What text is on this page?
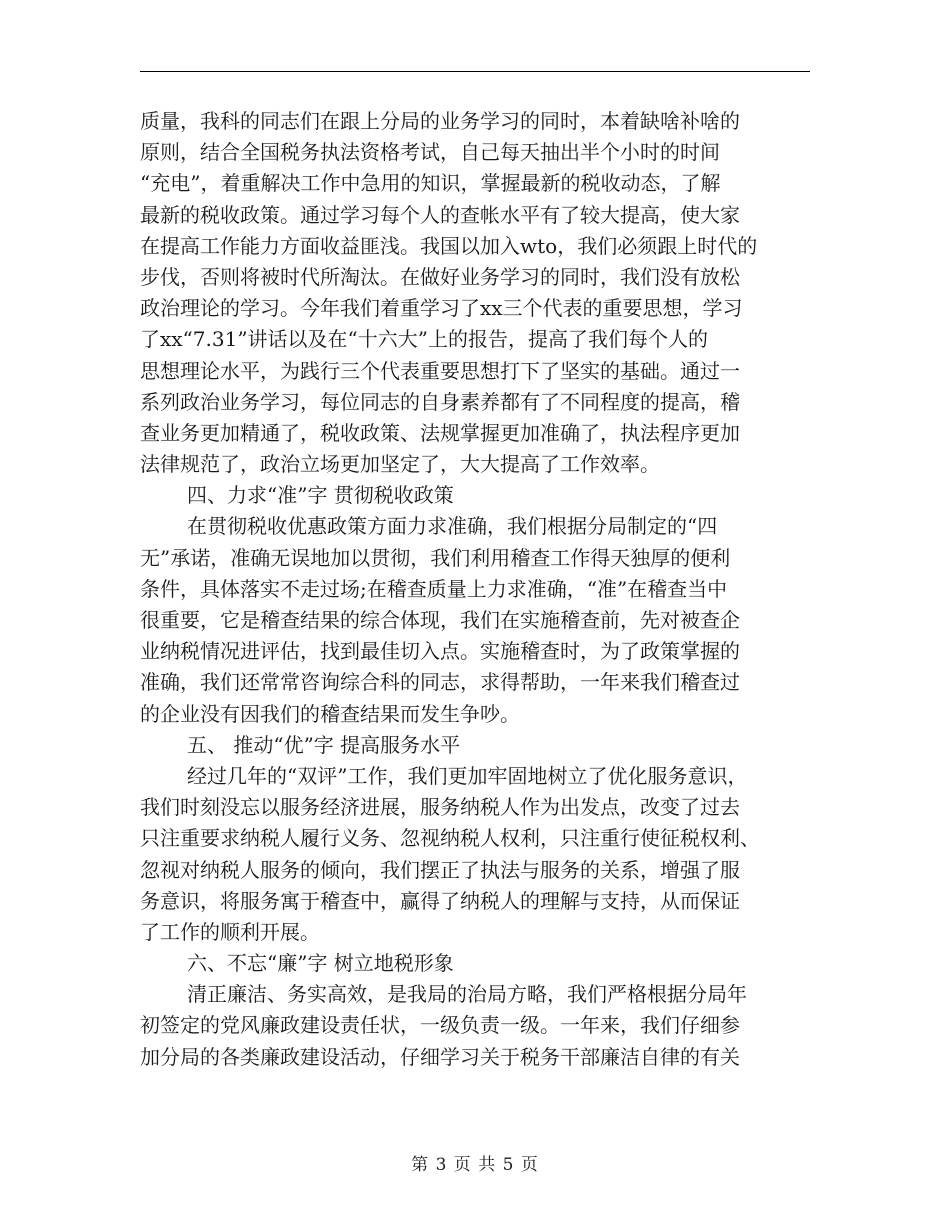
质量，我科的同志们在跟上分局的业务学习的同时，本着缺啥补啥的
原则，结合全国税务执法资格考试，自己每天抽出半个小时的时间
“充电”，着重解决工作中急用的知识，掌握最新的税收动态，了解
最新的税收政策。通过学习每个人的查帐水平有了较大提高，使大家
在提高工作能力方面收益匪浅。我国以加入wto，我们必须跟上时代的
步伐，否则将被时代所淘汰。在做好业务学习的同时，我们没有放松
政治理论的学习。今年我们着重学习了xx三个代表的重要思想，学习
了xx“7.31”讲话以及在“十六大”上的报告，提高了我们每个人的
思想理论水平，为践行三个代表重要思想打下了坚实的基础。通过一
系列政治业务学习，每位同志的自身素养都有了不同程度的提高，稽
查业务更加精通了，税收政策、法规掌握更加准确了，执法程序更加
法律规范了，政治立场更加坚定了，大大提高了工作效率。
四、力求“准”字 贯彻税收政策
在贯彻税收优惠政策方面力求准确，我们根据分局制定的“四
无”承诺，准确无误地加以贯彻，我们利用稽查工作得天独厚的便利
条件，具体落实不走过场;在稽查质量上力求准确，“准”在稽查当中
很重要，它是稽查结果的综合体现，我们在实施稽查前，先对被查企
业纳税情况进评估，找到最佳切入点。实施稽查时，为了政策掌握的
准确，我们还常常咨询综合科的同志，求得帮助，一年来我们稽查过
的企业没有因我们的稽查结果而发生争吵。
五、 推动“优”字 提高服务水平
经过几年的“双评”工作，我们更加牢固地树立了优化服务意识，
我们时刻没忘以服务经济进展，服务纳税人作为出发点，改变了过去
只注重要求纳税人履行义务、忽视纳税人权利，只注重行使征税权利、
忽视对纳税人服务的倾向，我们摆正了执法与服务的关系，增强了服
务意识，将服务寓于稽查中，赢得了纳税人的理解与支持，从而保证
了工作的顺利开展。
六、不忘“廉”字 树立地税形象
清正廉洁、务实高效，是我局的治局方略，我们严格根据分局年
初签定的党风廉政建设责任状，一级负责一级。一年来，我们仔细参
加分局的各类廉政建设活动，仔细学习关于税务干部廉洁自律的有关
第 3 页 共 5 页
